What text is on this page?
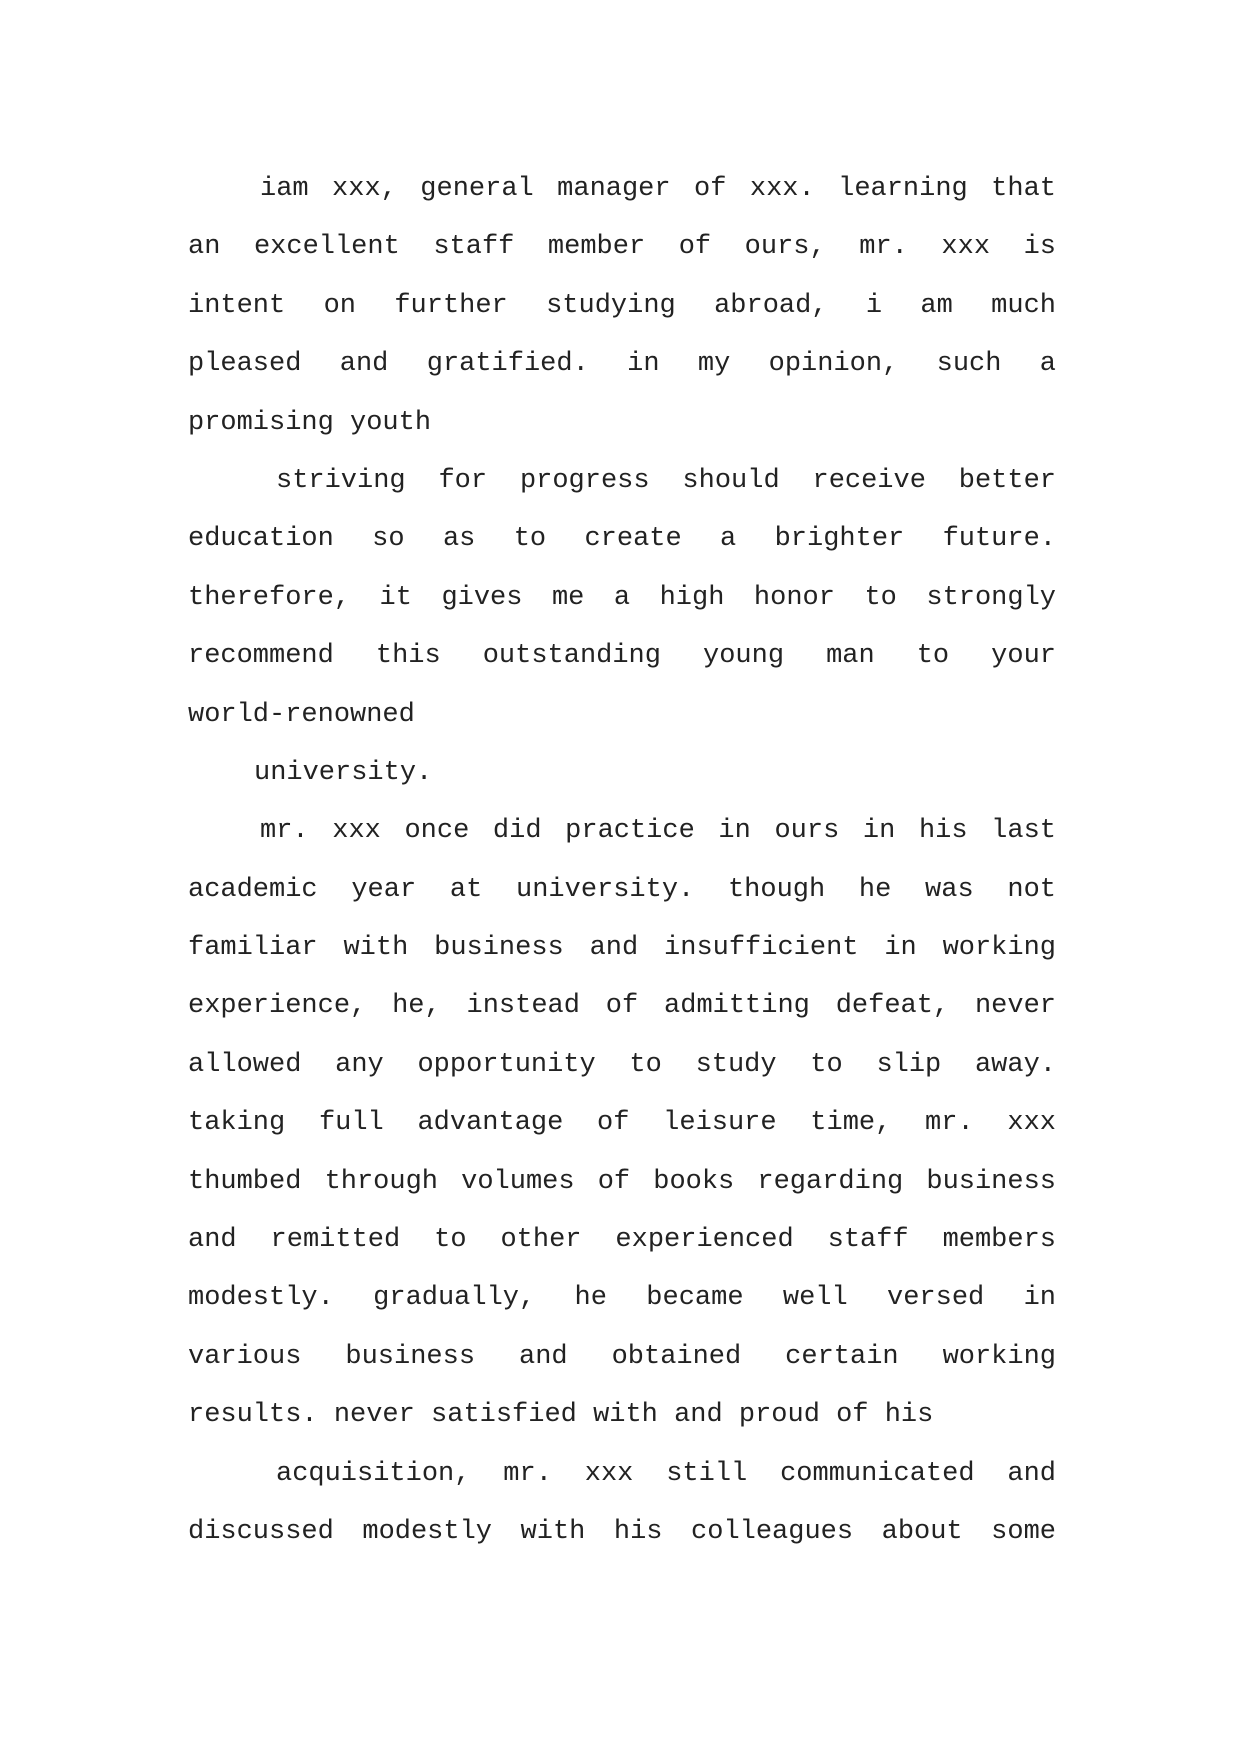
iam xxx, general manager of xxx. learning that
an excellent staff member of ours, mr. xxx is
intent on further studying abroad, i am much
pleased and gratified. in my opinion, such a
promising youth
striving for progress should receive better
education so as to create a brighter future.
therefore, it gives me a high honor to strongly
recommend this outstanding young man to your
world-renowned
university.
mr. xxx once did practice in ours in his last
academic year at university. though he was not
familiar with business and insufficient in working
experience, he, instead of admitting defeat, never
allowed any opportunity to study to slip away.
taking full advantage of leisure time, mr. xxx
thumbed through volumes of books regarding business
and remitted to other experienced staff members
modestly. gradually, he became well versed in
various business and obtained certain working
results. never satisfied with and proud of his
acquisition, mr. xxx still communicated and
discussed modestly with his colleagues about some
